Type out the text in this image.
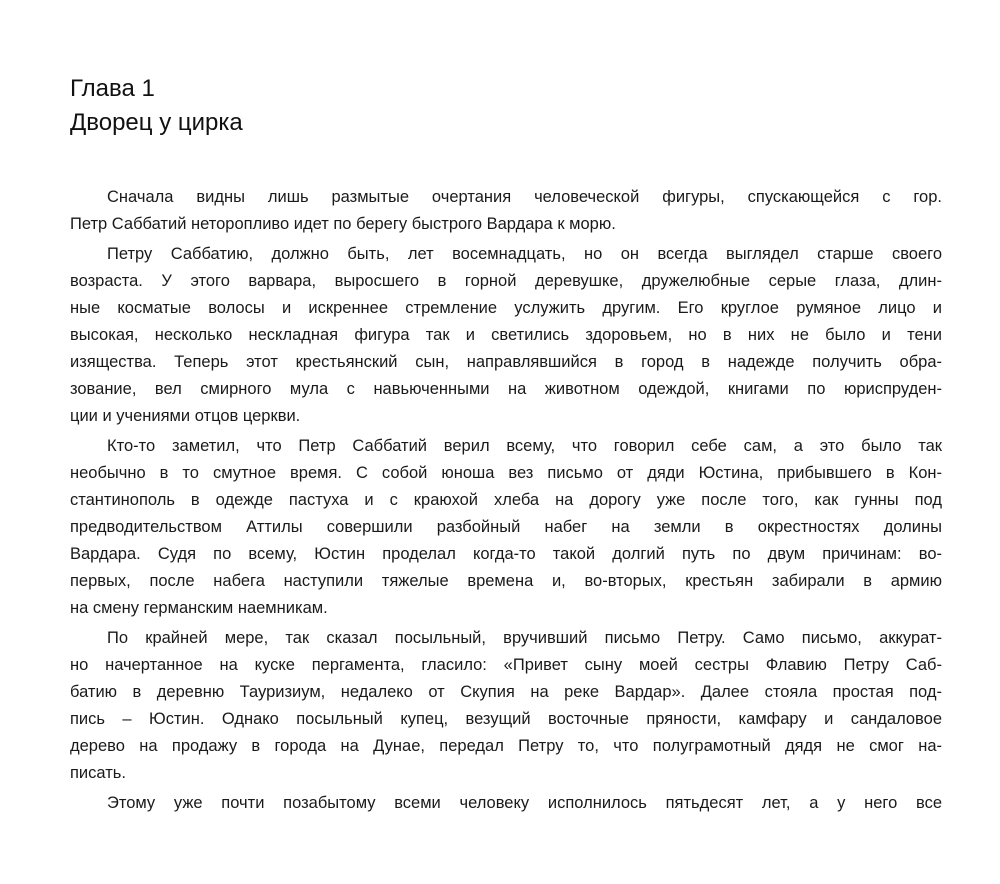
Глава 1
Дворец у цирка
Сначала видны лишь размытые очертания человеческой фигуры, спускающейся с гор.
Петр Саббатий неторопливо идет по берегу быстрого Вардара к морю.
Петру Саббатию, должно быть, лет восемнадцать, но он всегда выглядел старше своего
возраста. У этого варвара, выросшего в горной деревушке, дружелюбные серые глаза, длин-
ные косматые волосы и искреннее стремление услужить другим. Его круглое румяное лицо и
высокая, несколько нескладная фигура так и светились здоровьем, но в них не было и тени
изящества. Теперь этот крестьянский сын, направлявшийся в город в надежде получить обра-
зование, вел смирного мула с навьюченными на животном одеждой, книгами по юриспруден-
ции и учениями отцов церкви.
Кто-то заметил, что Петр Саббатий верил всему, что говорил себе сам, а это было так
необычно в то смутное время. С собой юноша вез письмо от дяди Юстина, прибывшего в Кон-
стантинополь в одежде пастуха и с краюхой хлеба на дорогу уже после того, как гунны под
предводительством Аттилы совершили разбойный набег на земли в окрестностях долины
Вардара. Судя по всему, Юстин проделал когда-то такой долгий путь по двум причинам: во-
первых, после набега наступили тяжелые времена и, во-вторых, крестьян забирали в армию
на смену германским наемникам.
По крайней мере, так сказал посыльный, вручивший письмо Петру. Само письмо, аккурат-
но начертанное на куске пергамента, гласило: «Привет сыну моей сестры Флавию Петру Саб-
батию в деревню Тауризиум, недалеко от Скупия на реке Вардар». Далее стояла простая под-
пись – Юстин. Однако посыльный купец, везущий восточные пряности, камфару и сандаловое
дерево на продажу в города на Дунае, передал Петру то, что полуграмотный дядя не смог на-
писать.
Этому уже почти позабытому всеми человеку исполнилось пятьдесят лет, а у него все
